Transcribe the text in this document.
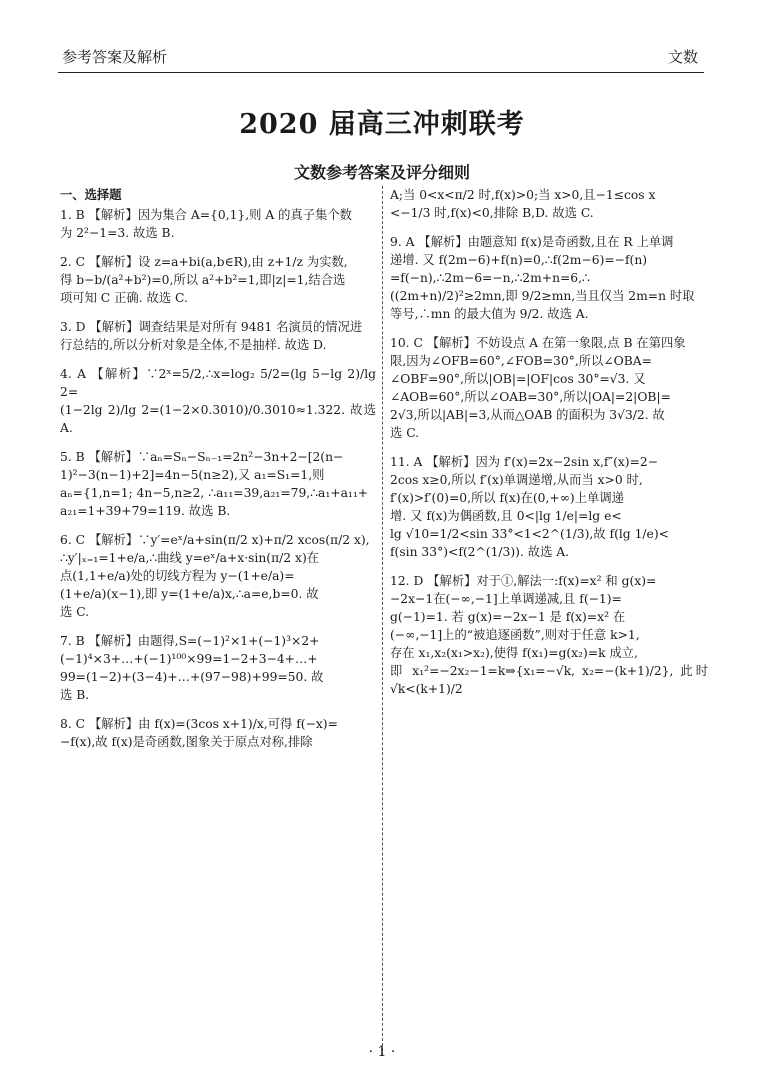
参考答案及解析	文数
2020 届高三冲刺联考
文数参考答案及评分细则
一、选择题
1. B 【解析】因为集合 A={0,1},则 A 的真子集个数
为 2²−1=3. 故选 B.
2. C 【解析】设 z=a+bi(a,b∈R),由 z+1/z 为实数,
得 b−b/(a²+b²)=0,所以 a²+b²=1,即|z|=1,结合选
项可知 C 正确. 故选 C.
3. D 【解析】调查结果是对所有 9481 名演员的情况进
行总结的,所以分析对象是全体,不是抽样. 故选 D.
4. A 【解析】∵2ˣ=5/2,∴x=log₂ 5/2=(lg 5−lg 2)/lg 2=
(1−2lg 2)/lg 2=(1−2×0.3010)/0.3010≈1.322. 故选 A.
5. B 【解析】∵aₙ=Sₙ−Sₙ₋₁=2n²−3n+2−[2(n−
1)²−3(n−1)+2]=4n−5(n≥2),又 a₁=S₁=1,则
aₙ={1,n=1; 4n−5,n≥2, ∴a₁₁=39,a₂₁=79,∴a₁+a₁₁+
a₂₁=1+39+79=119. 故选 B.
6. C 【解析】∵y′=eˣ/a+sin(π/2 x)+π/2 xcos(π/2 x),
∴y′|ₓ₌₁=1+e/a,∴曲线 y=eˣ/a+x·sin(π/2 x)在
点(1,1+e/a)处的切线方程为 y−(1+e/a)=
(1+e/a)(x−1),即 y=(1+e/a)x,∴a=e,b=0. 故
选 C.
7. B 【解析】由题得,S=(−1)²×1+(−1)³×2+
(−1)⁴×3+…+(−1)¹⁰⁰×99=1−2+3−4+…+
99=(1−2)+(3−4)+…+(97−98)+99=50. 故
选 B.
8. C 【解析】由 f(x)=(3cos x+1)/x,可得 f(−x)=
−f(x),故 f(x)是奇函数,图象关于原点对称,排除
A;当 0<x<π/2 时,f(x)>0;当 x>0,且−1≤cos x
<−1/3 时,f(x)<0,排除 B,D. 故选 C.
9. A 【解析】由题意知 f(x)是奇函数,且在 R 上单调
递增. 又 f(2m−6)+f(n)=0,∴f(2m−6)=−f(n)
=f(−n),∴2m−6=−n,∴2m+n=6,∴
((2m+n)/2)²≥2mn,即 9/2≥mn,当且仅当 2m=n 时取
等号,∴mn 的最大值为 9/2. 故选 A.
10. C 【解析】不妨设点 A 在第一象限,点 B 在第四象
限,因为∠OFB=60°,∠FOB=30°,所以∠OBA=
∠OBF=90°,所以|OB|=|OF|cos 30°=√3. 又
∠AOB=60°,所以∠OAB=30°,所以|OA|=2|OB|=
2√3,所以|AB|=3,从而△OAB 的面积为 3√3/2. 故
选 C.
11. A 【解析】因为 f′(x)=2x−2sin x,f″(x)=2−
2cos x≥0,所以 f′(x)单调递增,从而当 x>0 时,
f′(x)>f′(0)=0,所以 f(x)在(0,+∞)上单调递
增. 又 f(x)为偶函数,且 0<|lg 1/e|=lg e<
lg √10=1/2<sin 33°<1<2^(1/3),故 f(lg 1/e)<
f(sin 33°)<f(2^(1/3)). 故选 A.
12. D 【解析】对于①,解法一:f(x)=x² 和 g(x)=
−2x−1在(−∞,−1]上单调递减,且 f(−1)=
g(−1)=1. 若 g(x)=−2x−1 是 f(x)=x² 在
(−∞,−1]上的“被追逐函数”,则对于任意 k>1,
存在 x₁,x₂(x₁>x₂),使得 f(x₁)=g(x₂)=k 成立,
即 x₁²=−2x₂−1=k⇒{x₁=−√k, x₂=−(k+1)/2}, 此时√k<(k+1)/2
· 1 ·
